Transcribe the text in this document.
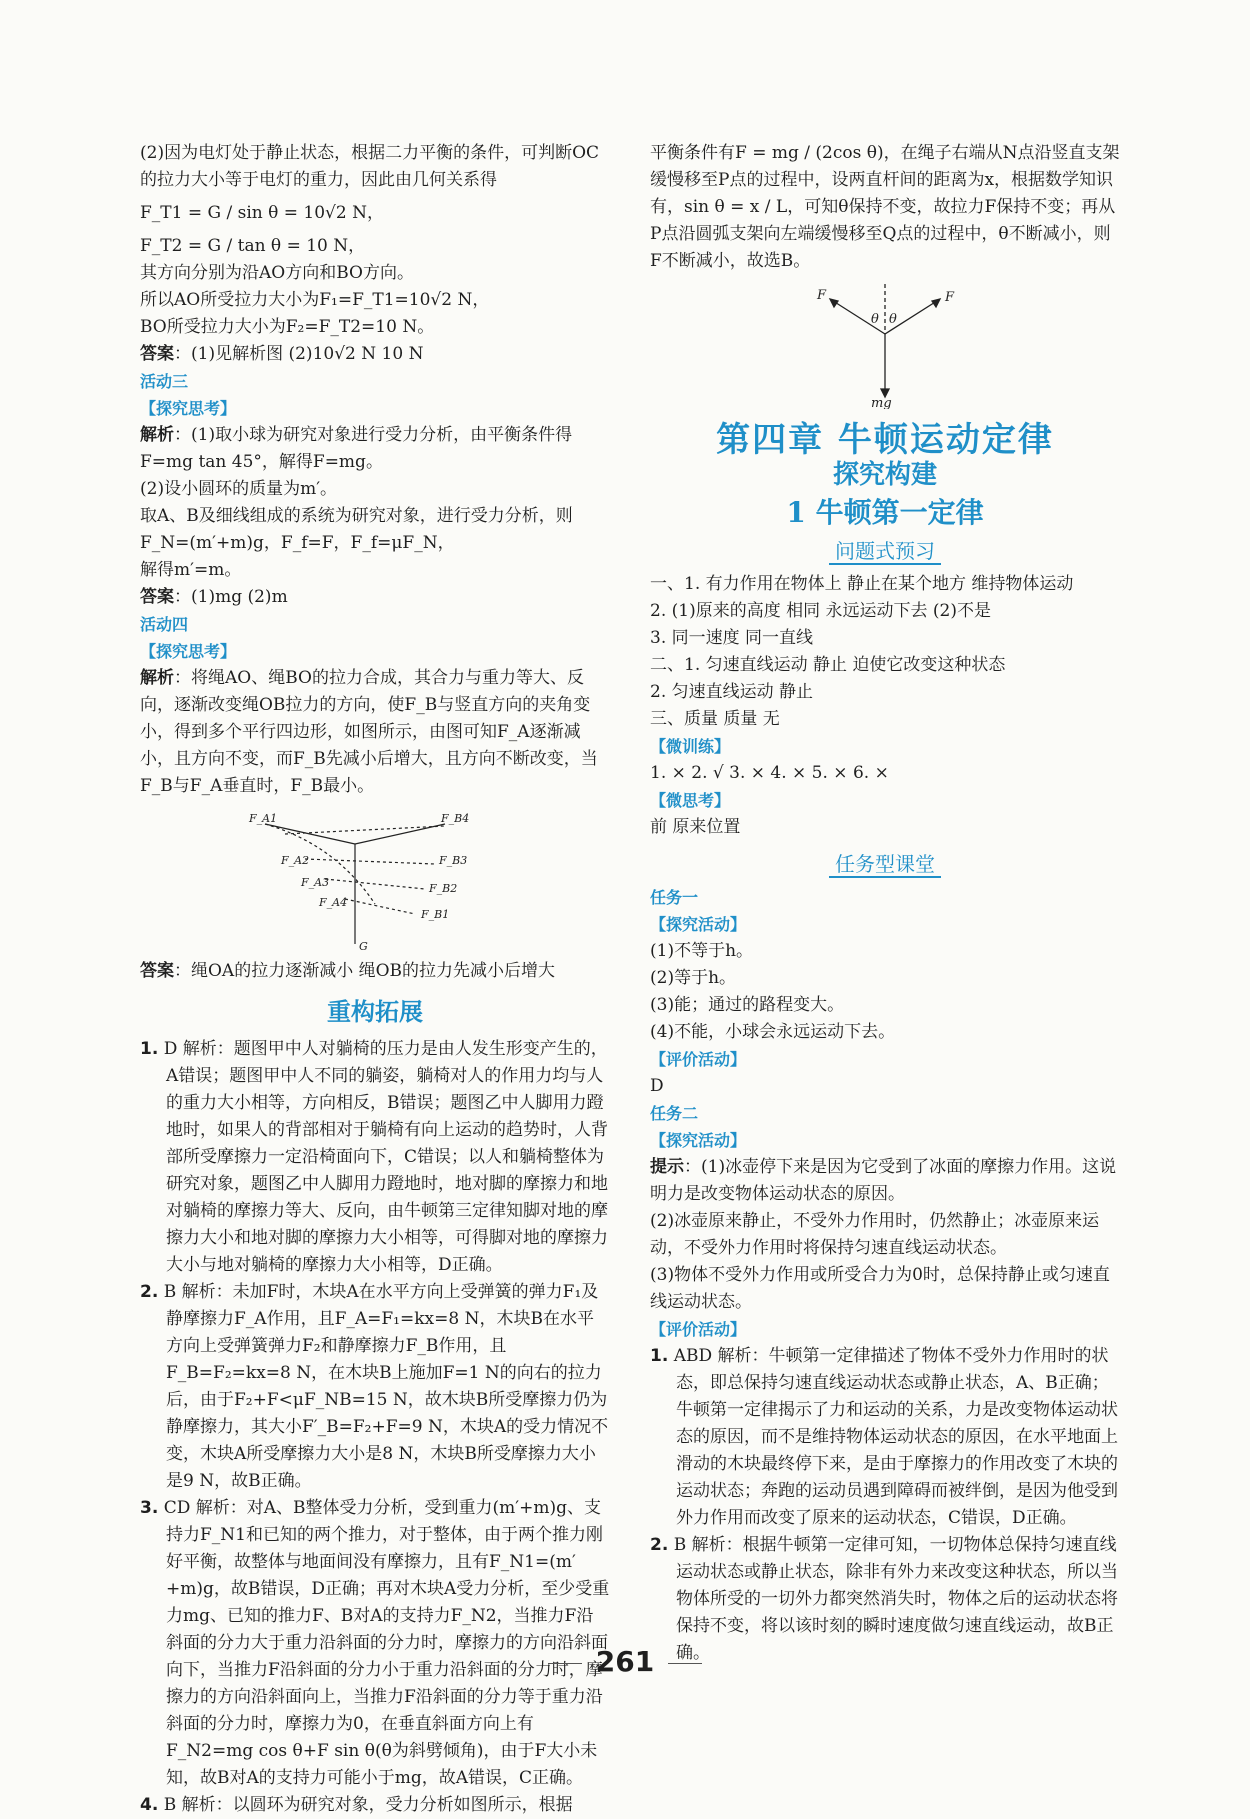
(2)因为电灯处于静止状态，根据二力平衡的条件，可判断OC的拉力大小等于电灯的重力，因此由几何关系得

F_T1 = G / sin θ = 10√2 N，

F_T2 = G / tan θ = 10 N，

其方向分别为沿AO方向和BO方向。

所以AO所受拉力大小为F₁=F_T1=10√2 N，

BO所受拉力大小为F₂=F_T2=10 N。

答案：(1)见解析图 (2)10√2 N 10 N

活动三

【探究思考】

解析：(1)取小球为研究对象进行受力分析，由平衡条件得F=mg tan 45°，解得F=mg。

(2)设小圆环的质量为m′。

取A、B及细线组成的系统为研究对象，进行受力分析，则F_N=(m′+m)g，F_f=F，F_f=μF_N，

解得m′=m。

答案：(1)mg (2)m

活动四

【探究思考】

解析：将绳AO、绳BO的拉力合成，其合力与重力等大、反向，逐渐改变绳OB拉力的方向，使F_B与竖直方向的夹角变小，得到多个平行四边形，如图所示，由图可知F_A逐渐减小，且方向不变，而F_B先减小后增大，且方向不断改变，当F_B与F_A垂直时，F_B最小。

F_A1
F_A2
F_A3
F_A4
F_B4
F_B3
F_B2
F_B1
G

答案：绳OA的拉力逐渐减小 绳OB的拉力先减小后增大

重构拓展

1. D 解析：题图甲中人对躺椅的压力是由人发生形变产生的，A错误；题图甲中人不同的躺姿，躺椅对人的作用力均与人的重力大小相等，方向相反，B错误；题图乙中人脚用力蹬地时，如果人的背部相对于躺椅有向上运动的趋势时，人背部所受摩擦力一定沿椅面向下，C错误；以人和躺椅整体为研究对象，题图乙中人脚用力蹬地时，地对脚的摩擦力和地对躺椅的摩擦力等大、反向，由牛顿第三定律知脚对地的摩擦力大小和地对脚的摩擦力大小相等，可得脚对地的摩擦力大小与地对躺椅的摩擦力大小相等，D正确。

2. B 解析：未加F时，木块A在水平方向上受弹簧的弹力F₁及静摩擦力F_A作用，且F_A=F₁=kx=8 N，木块B在水平方向上受弹簧弹力F₂和静摩擦力F_B作用，且F_B=F₂=kx=8 N，在木块B上施加F=1 N的向右的拉力后，由于F₂+F<μF_NB=15 N，故木块B所受摩擦力仍为静摩擦力，其大小F′_B=F₂+F=9 N，木块A的受力情况不变，木块A所受摩擦力大小是8 N，木块B所受摩擦力大小是9 N，故B正确。

3. CD 解析：对A、B整体受力分析，受到重力(m′+m)g、支持力F_N1和已知的两个推力，对于整体，由于两个推力刚好平衡，故整体与地面间没有摩擦力，且有F_N1=(m′+m)g，故B错误，D正确；再对木块A受力分析，至少受重力mg、已知的推力F、B对A的支持力F_N2，当推力F沿斜面的分力大于重力沿斜面的分力时，摩擦力的方向沿斜面向下，当推力F沿斜面的分力小于重力沿斜面的分力时，摩擦力的方向沿斜面向上，当推力F沿斜面的分力等于重力沿斜面的分力时，摩擦力为0，在垂直斜面方向上有F_N2=mg cos θ+F sin θ(θ为斜劈倾角)，由于F大小未知，故B对A的支持力可能小于mg，故A错误，C正确。

4. B 解析：以圆环为研究对象，受力分析如图所示，根据

平衡条件有F = mg / (2cos θ)，在绳子右端从N点沿竖直支架缓慢移至P点的过程中，设两直杆间的距离为x，根据数学知识有，sin θ = x / L，可知θ保持不变，故拉力F保持不变；再从P点沿圆弧支架向左端缓慢移至Q点的过程中，θ不断减小，则F不断减小，故选B。

F	F
θ θ
mg
第四章 牛顿运动定律
探究构建
1 牛顿第一定律
问题式预习

一、1. 有力作用在物体上 静止在某个地方 维持物体运动

2. (1)原来的高度 相同 永远运动下去 (2)不是

3. 同一速度 同一直线

二、1. 匀速直线运动 静止 迫使它改变这种状态

2. 匀速直线运动 静止

三、质量 质量 无

【微训练】

1. × 2. √ 3. × 4. × 5. × 6. ×

【微思考】

前 原来位置

任务型课堂

任务一

【探究活动】

(1)不等于h。

(2)等于h。

(3)能；通过的路程变大。

(4)不能，小球会永远运动下去。

【评价活动】

D

任务二

【探究活动】

提示：(1)冰壶停下来是因为它受到了冰面的摩擦力作用。这说明力是改变物体运动状态的原因。

(2)冰壶原来静止，不受外力作用时，仍然静止；冰壶原来运动，不受外力作用时将保持匀速直线运动状态。

(3)物体不受外力作用或所受合力为0时，总保持静止或匀速直线运动状态。

【评价活动】

1. ABD 解析：牛顿第一定律描述了物体不受外力作用时的状态，即总保持匀速直线运动状态或静止状态，A、B正确；牛顿第一定律揭示了力和运动的关系，力是改变物体运动状态的原因，而不是维持物体运动状态的原因，在水平地面上滑动的木块最终停下来，是由于摩擦力的作用改变了木块的运动状态；奔跑的运动员遇到障碍而被绊倒，是因为他受到外力作用而改变了原来的运动状态，C错误，D正确。

2. B 解析：根据牛顿第一定律可知，一切物体总保持匀速直线运动状态或静止状态，除非有外力来改变这种状态，所以当物体所受的一切外力都突然消失时，物体之后的运动状态将保持不变，将以该时刻的瞬时速度做匀速直线运动，故B正确。

261
